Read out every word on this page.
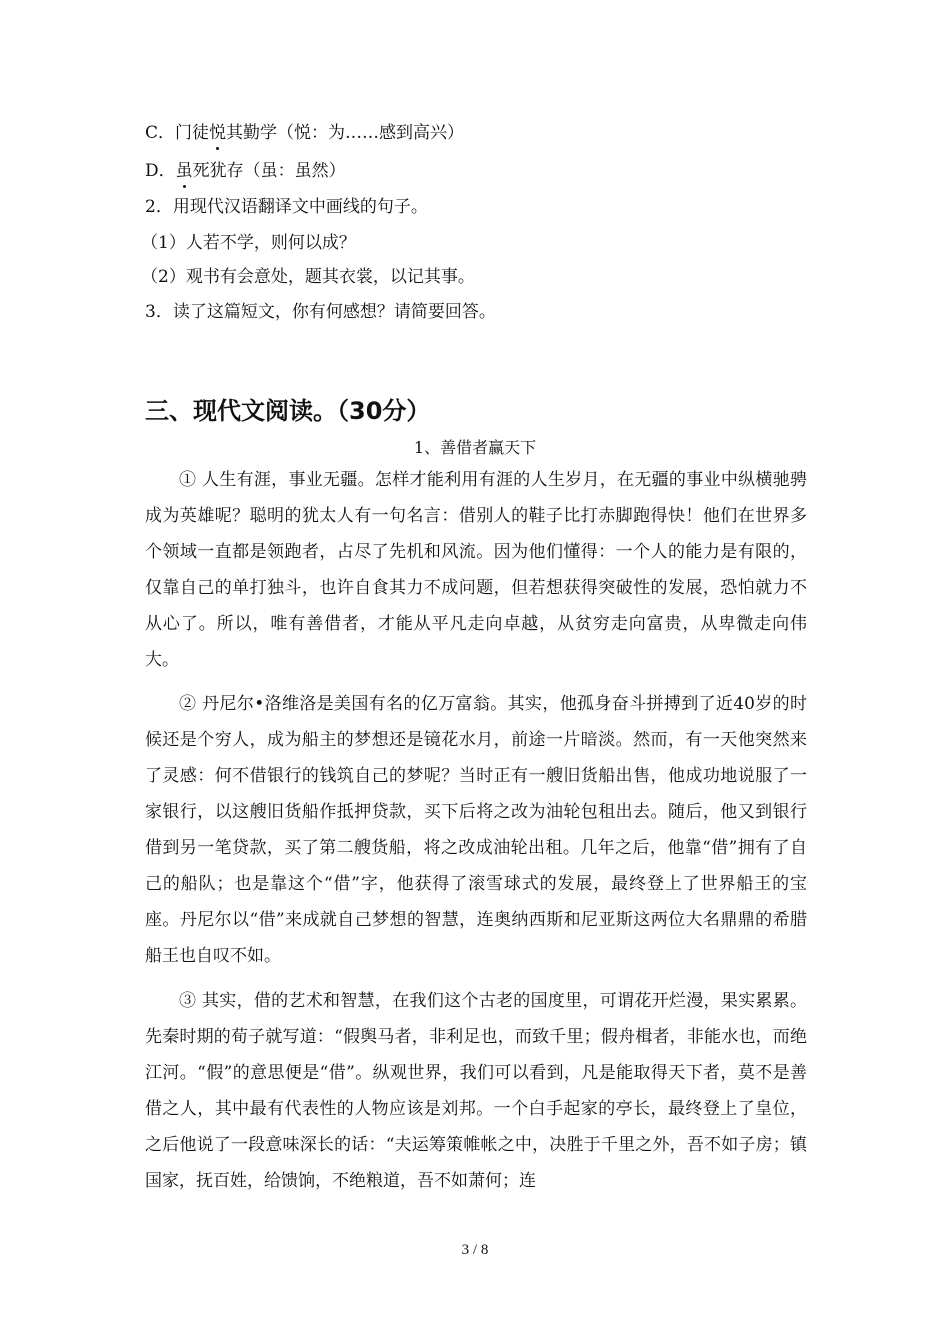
C．门徒悦其勤学（悦：为……感到高兴）
D．虽死犹存（虽：虽然）
2．用现代汉语翻译文中画线的句子。
（1）人若不学，则何以成？
（2）观书有会意处，题其衣裳，以记其事。
3．读了这篇短文，你有何感想？请简要回答。
三、现代文阅读。（30分）
1、善借者赢天下
① 人生有涯，事业无疆。怎样才能利用有涯的人生岁月，在无疆的事业中纵横驰骋成为英雄呢？聪明的犹太人有一句名言：借别人的鞋子比打赤脚跑得快！他们在世界多个领域一直都是领跑者，占尽了先机和风流。因为他们懂得：一个人的能力是有限的，仅靠自己的单打独斗，也许自食其力不成问题，但若想获得突破性的发展，恐怕就力不从心了。所以，唯有善借者，才能从平凡走向卓越，从贫穷走向富贵，从卑微走向伟大。
② 丹尼尔•洛维洛是美国有名的亿万富翁。其实，他孤身奋斗拼搏到了近40岁的时候还是个穷人，成为船主的梦想还是镜花水月，前途一片暗淡。然而，有一天他突然来了灵感：何不借银行的钱筑自己的梦呢？当时正有一艘旧货船出售，他成功地说服了一家银行，以这艘旧货船作抵押贷款，买下后将之改为油轮包租出去。随后，他又到银行借到另一笔贷款，买了第二艘货船，将之改成油轮出租。几年之后，他靠“借”拥有了自己的船队；也是靠这个“借”字，他获得了滚雪球式的发展，最终登上了世界船王的宝座。丹尼尔以“借”来成就自己梦想的智慧，连奥纳西斯和尼亚斯这两位大名鼎鼎的希腊船王也自叹不如。
③ 其实，借的艺术和智慧，在我们这个古老的国度里，可谓花开烂漫，果实累累。先秦时期的荀子就写道：“假舆马者，非利足也，而致千里；假舟楫者，非能水也，而绝江河。“假”的意思便是“借”。纵观世界，我们可以看到，凡是能取得天下者，莫不是善借之人，其中最有代表性的人物应该是刘邦。一个白手起家的亭长，最终登上了皇位，之后他说了一段意味深长的话：“夫运筹策帷帐之中，决胜于千里之外，吾不如子房；镇国家，抚百姓，给馈饷，不绝粮道，吾不如萧何；连
3 / 8
